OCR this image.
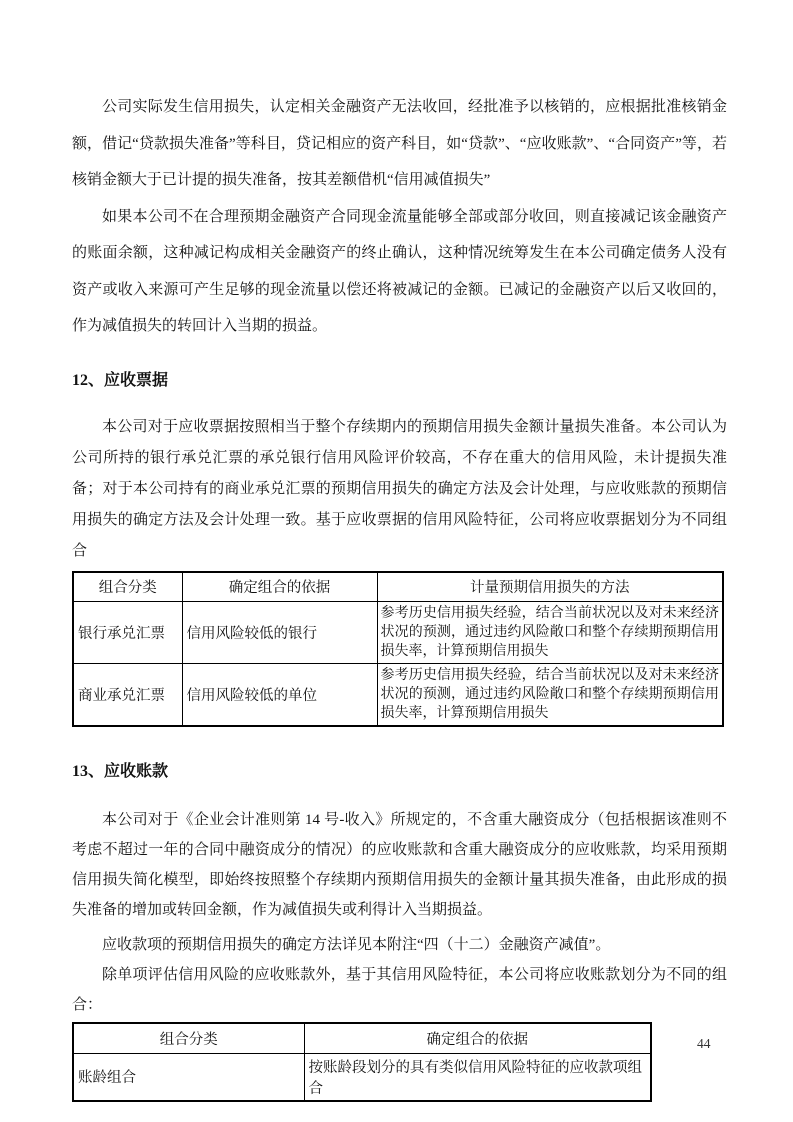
公司实际发生信用损失，认定相关金融资产无法收回，经批准予以核销的，应根据批准核销金额，借记“贷款损失准备”等科目，贷记相应的资产科目，如“贷款”、“应收账款”、“合同资产”等，若核销金额大于已计提的损失准备，按其差额借机“信用减值损失”

如果本公司不在合理预期金融资产合同现金流量能够全部或部分收回，则直接减记该金融资产的账面余额，这种减记构成相关金融资产的终止确认，这种情况统筹发生在本公司确定债务人没有资产或收入来源可产生足够的现金流量以偿还将被减记的金额。已减记的金融资产以后又收回的，作为减值损失的转回计入当期的损益。

12、应收票据

本公司对于应收票据按照相当于整个存续期内的预期信用损失金额计量损失准备。本公司认为公司所持的银行承兑汇票的承兑银行信用风险评价较高，不存在重大的信用风险，未计提损失准备；对于本公司持有的商业承兑汇票的预期信用损失的确定方法及会计处理，与应收账款的预期信用损失的确定方法及会计处理一致。基于应收票据的信用风险特征，公司将应收票据划分为不同组合

组合分类	确定组合的依据	计量预期信用损失的方法
银行承兑汇票	信用风险较低的银行	参考历史信用损失经验，结合当前状况以及对未来经济状况的预测，通过违约风险敞口和整个存续期预期信用损失率，计算预期信用损失
商业承兑汇票	信用风险较低的单位	参考历史信用损失经验，结合当前状况以及对未来经济状况的预测，通过违约风险敞口和整个存续期预期信用损失率，计算预期信用损失
13、应收账款

本公司对于《企业会计准则第 14 号-收入》所规定的，不含重大融资成分（包括根据该准则不考虑不超过一年的合同中融资成分的情况）的应收账款和含重大融资成分的应收账款，均采用预期信用损失简化模型，即始终按照整个存续期内预期信用损失的金额计量其损失准备，由此形成的损失准备的增加或转回金额，作为减值损失或利得计入当期损益。

应收款项的预期信用损失的确定方法详见本附注“四（十二）金融资产减值”。

除单项评估信用风险的应收账款外，基于其信用风险特征，本公司将应收账款划分为不同的组合：

组合分类	确定组合的依据
账龄组合	按账龄段划分的具有类似信用风险特征的应收款项组合
44
